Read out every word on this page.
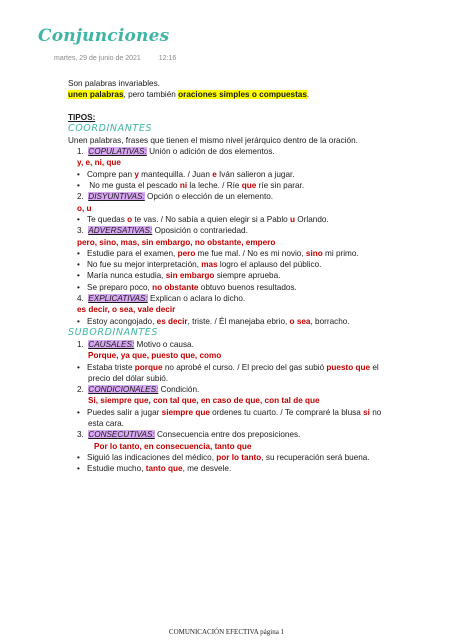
Conjunciones
martes, 29 de junio de 2021	12:16
Son palabras invariables.
unen palabras, pero también oraciones simples o compuestas.
TIPOS:
COORDINANTES
Unen palabras, frases que tienen el mismo nivel jerárquico dentro de la oración.
1. COPULATIVAS: Unión o adición de dos elementos.
y, e, ni, que
• Compre pan y mantequilla. / Juan e Iván salieron a jugar.
• No me gusta el pescado ni la leche. / Ríe que ríe sin parar.
2. DISYUNTIVAS: Opción o elección de un elemento.
o, u
• Te quedas o te vas. / No sabía a quien elegir si a Pablo u Orlando.
3. ADVERSATIVAS: Oposición o contrariedad.
pero, sino, mas, sin embargo, no obstante, empero
• Estudie para el examen, pero me fue mal. / No es mi novio, sino mi primo.
• No fue su mejor interpretación, mas logro el aplauso del público.
• María nunca estudia, sin embargo siempre aprueba.
• Se preparo poco, no obstante obtuvo buenos resultados.
4. EXPLICATIVAS: Explican o aclara lo dicho.
es decir, o sea, vale decir
• Estoy acongojado, es decir, triste. / Él manejaba ebrio, o sea, borracho.
SUBORDINANTES
1. CAUSALES: Motivo o causa.
Porque, ya que, puesto que, como
• Estaba triste porque no aprobé el curso. / El precio del gas subió puesto que el
precio del dólar subió.
2. CONDICIONALES: Condición.
Si, siempre que, con tal que, en caso de que, con tal de que
• Puedes salir a jugar siempre que ordenes tu cuarto. / Te compraré la blusa si no
esta cara.
3. CONSECUTIVAS: Consecuencia entre dos preposiciones.
Por lo tanto, en consecuencia, tanto que
• Siguió las indicaciones del médico, por lo tanto, su recuperación será buena.
• Estudie mucho, tanto que, me desvele.
COMUNICACIÓN EFECTIVA página 1
